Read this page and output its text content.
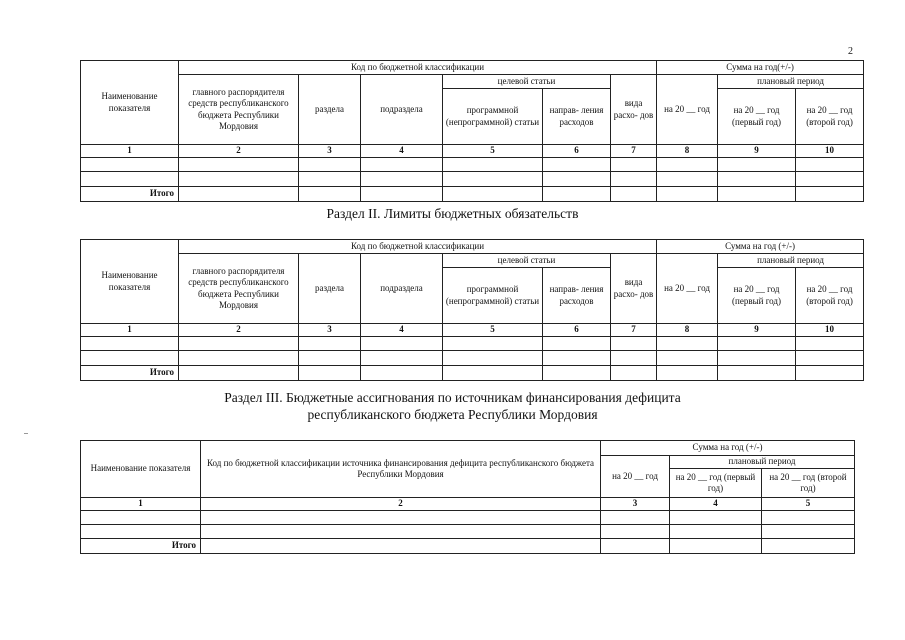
2
Наименование показателя	Код по бюджетной классификации						Сумма на год(+/-)		
	главного распорядителя средств республиканского бюджета Республики Мордовия	раздела	подраздела	целевой статьи		вида расхо- дов	на 20 __ год	плановый период	
				программной (непрограммной) статьи	направ- ления расходов			на 20 __ год (первый год)	на 20 __ год (второй год)

1	2	3	4	5	6	7	8	9	10

Итого									
Раздел II. Лимиты бюджетных обязательств
Наименование показателя	Код по бюджетной классификации						Сумма на год (+/-)		
	главного распорядителя средств республиканского бюджета Республики Мордовия	раздела	подраздела	целевой статьи		вида расхо- дов	на 20 __ год	плановый период	
				программной (непрограммной) статьи	направ- ления расходов			на 20 __ год (первый год)	на 20 __ год (второй год)

1	2	3	4	5	6	7	8	9	10

Итого									
Раздел III. Бюджетные ассигнования по источникам финансирования дефицита
республиканского бюджета Республики Мордовия
Наименование показателя	Код по бюджетной классификации источника финансирования дефицита республиканского бюджета Республики Мордовия	Сумма на год (+/-)		
		на 20 __ год	плановый период	
			на 20 __ год (первый год)	на 20 __ год (второй год)
1	2	3	4	5

Итого				
